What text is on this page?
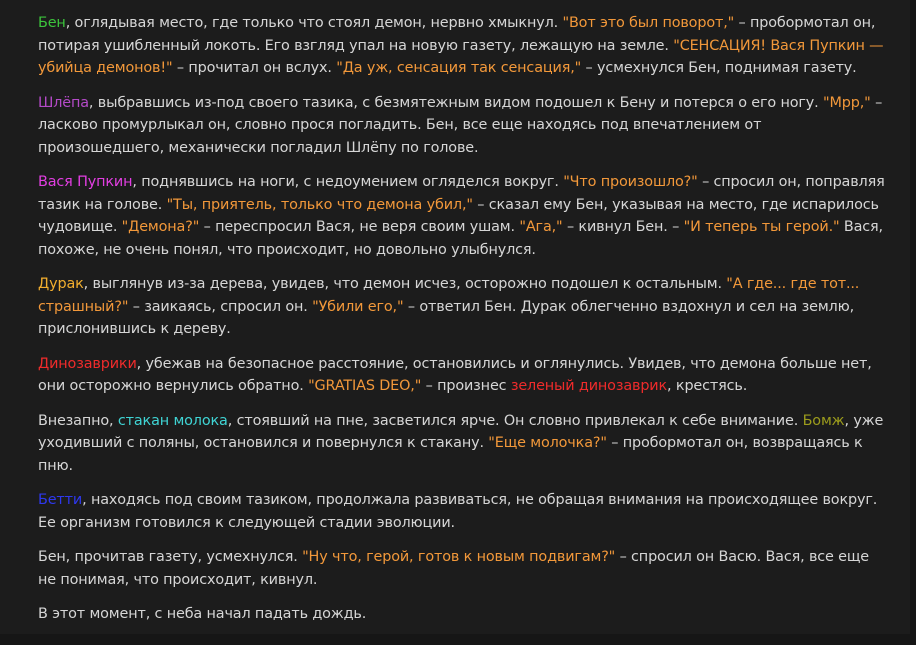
Бен, оглядывая место, где только что стоял демон, нервно хмыкнул. "Вот это был поворот," – пробормотал он, потирая ушибленный локоть. Его взгляд упал на новую газету, лежащую на земле. "СЕНСАЦИЯ! Вася Пупкин — убийца демонов!" – прочитал он вслух. "Да уж, сенсация так сенсация," – усмехнулся Бен, поднимая газету.

Шлёпа, выбравшись из-под своего тазика, с безмятежным видом подошел к Бену и потерся о его ногу. "Мрр," – ласково промурлыкал он, словно прося погладить. Бен, все еще находясь под впечатлением от произошедшего, механически погладил Шлёпу по голове.

Вася Пупкин, поднявшись на ноги, с недоумением огляделся вокруг. "Что произошло?" – спросил он, поправляя тазик на голове. "Ты, приятель, только что демона убил," – сказал ему Бен, указывая на место, где испарилось чудовище. "Демона?" – переспросил Вася, не веря своим ушам. "Ага," – кивнул Бен. – "И теперь ты герой." Вася, похоже, не очень понял, что происходит, но довольно улыбнулся.

Дурак, выглянув из-за дерева, увидев, что демон исчез, осторожно подошел к остальным. "А где... где тот... страшный?" – заикаясь, спросил он. "Убили его," – ответил Бен. Дурак облегченно вздохнул и сел на землю, прислонившись к дереву.

Динозаврики, убежав на безопасное расстояние, остановились и оглянулись. Увидев, что демона больше нет, они осторожно вернулись обратно. "GRATIAS DEO," – произнес зеленый динозаврик, крестясь.

Внезапно, стакан молока, стоявший на пне, засветился ярче. Он словно привлекал к себе внимание. Бомж, уже уходивший с поляны, остановился и повернулся к стакану. "Еще молочка?" – пробормотал он, возвращаясь к пню.

Бетти, находясь под своим тазиком, продолжала развиваться, не обращая внимания на происходящее вокруг. Ее организм готовился к следующей стадии эволюции.

Бен, прочитав газету, усмехнулся. "Ну что, герой, готов к новым подвигам?" – спросил он Васю. Вася, все еще не понимая, что происходит, кивнул.

В этот момент, с неба начал падать дождь.
